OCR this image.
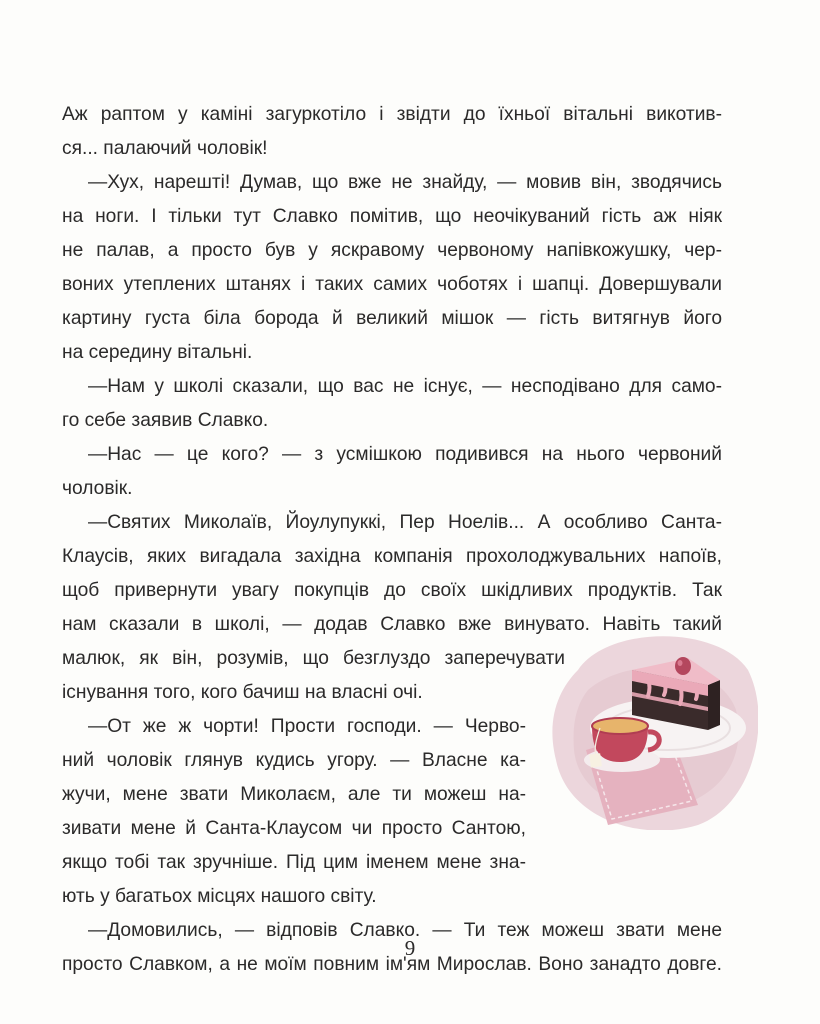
Аж раптом у каміні загуркотіло і звідти до їхньої вітальні викотив-
ся... палаючий чоловік!
—Хух, нарешті! Думав, що вже не знайду, — мовив він, зводячись
на ноги. І тільки тут Славко помітив, що неочікуваний гість аж ніяк
не палав, а просто був у яскравому червоному напівкожушку, чер-
воних утеплених штанях і таких самих чоботях і шапці. Довершували
картину густа біла борода й великий мішок — гість витягнув його
на середину вітальні.
—Нам у школі сказали, що вас не існує, — несподівано для само-
го себе заявив Славко.
—Нас — це кого? — з усмішкою подивився на нього червоний
чоловік.
—Святих Миколаїв, Йоулупуккі, Пер Ноелів... А особливо Санта-
Клаусів, яких вигадала західна компанія прохолоджувальних напоїв,
щоб привернути увагу покупців до своїх шкідливих продуктів. Так
нам сказали в школі, — додав Славко вже винувато. Навіть такий
малюк, як він, розумів, що безглуздо заперечувати
існування того, кого бачиш на власні очі.
—От же ж чорти! Прости господи. — Черво-
ний чоловік глянув кудись угору. — Власне ка-
жучи, мене звати Миколаєм, але ти можеш на-
зивати мене й Санта-Клаусом чи просто Сантою,
якщо тобі так зручніше. Під цим іменем мене зна-
ють у багатьох місцях нашого світу.
—Домовились, — відповів Славко. — Ти теж можеш звати мене
просто Славком, а не моїм повним ім'ям Мирослав. Воно занадто довге.
9
